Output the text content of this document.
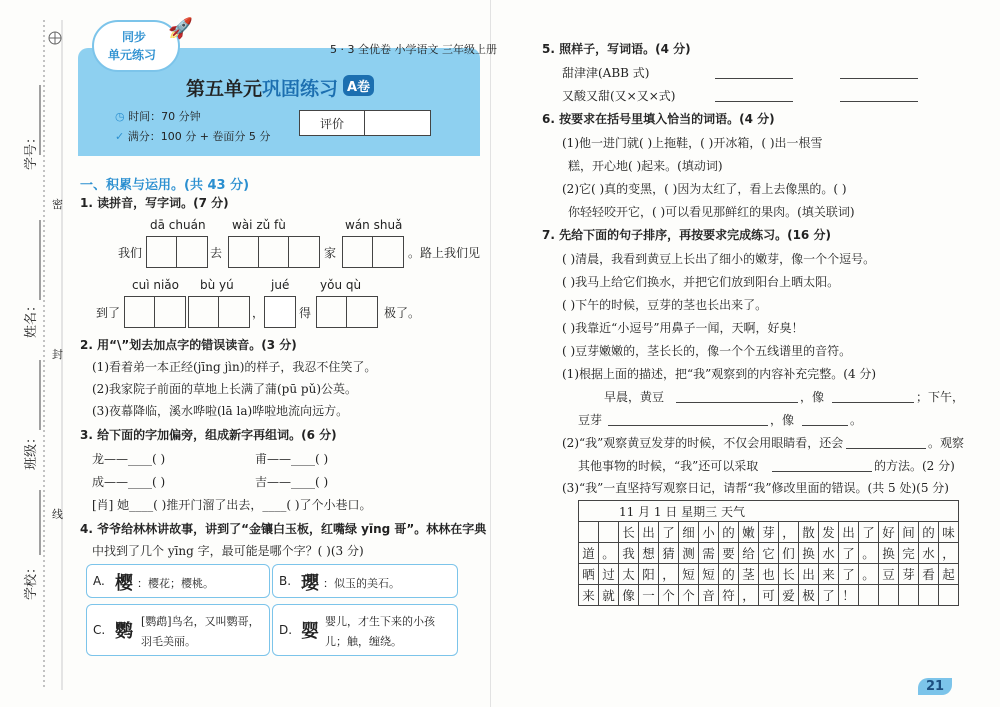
学号：
姓名：
班级：
学校：
密
封
线
同步
单元练习
🚀
5 · 3 全优卷 小学语文 三年级上册
第五单元巩固练习 A卷
◷ 时间：70 分钟
✓ 满分：100 分 + 卷面分 5 分
评价
一、积累与运用。(共 43 分)
1. 读拼音，写字词。(7 分)
dā chuán wài zǔ fù	wán shuǎ
我们	去	家	。路上我们见
cuì niǎo bù yú	jué	yǒu qù
到了	，	得	极了。
2. 用“\”划去加点字的错误读音。(3 分)
(1)看着弟一本正经(jīng jìn)的样子，我忍不住笑了。
(2)我家院子前面的草地上长满了蒲(pū pǔ)公英。
(3)夜幕降临，溪水哗啦(lā la)哗啦地流向远方。
3. 给下面的字加偏旁，组成新字再组词。(6 分)
龙——____( )	甫——____( )
成——____( )	吉——____( )
[肖] 她____( )推开门溜了出去，____( )了个小巷口。
4. 爷爷给林林讲故事，讲到了“金镶白玉板，红嘴绿 yīng 哥”。林林在字典
中找到了几个 yīng 字，最可能是哪个字？( )(3 分)
A. 樱 ：樱花；樱桃。	B. 瓔 ：似玉的美石。
C. 鹦 [鹦鹉]鸟名，又叫鹦哥，
羽毛美丽。
D. 婴 婴儿，才生下来的小孩
儿；触，缠绕。
5. 照样子，写词语。(4 分)
甜津津(ABB 式)
又酸又甜(又×又×式)
6. 按要求在括号里填入恰当的词语。(4 分)
(1)他一进门就( )上拖鞋，( )开冰箱，( )出一根雪
糕，开心地( )起来。(填动词)
(2)它( )真的变黑，( )因为太红了，看上去像黑的。( )
你轻轻咬开它，( )可以看见那鲜红的果肉。(填关联词)
7. 先给下面的句子排序，再按要求完成练习。(16 分)
( )清晨，我看到黄豆上长出了细小的嫩芽，像一个个逗号。
( )我马上给它们换水，并把它们放到阳台上晒太阳。
( )下午的时候，豆芽的茎也长出来了。
( )我靠近“小逗号”用鼻子一闻，天啊，好臭！
( )豆芽嫩嫩的，茎长长的，像一个个五线谱里的音符。
(1)根据上面的描述，把“我”观察到的内容补充完整。(4 分)
早晨，黄豆	，像	；下午，
豆芽	，像	。
(2)“我”观察黄豆发芽的时候，不仅会用眼睛看，还会	。观察
其他事物的时候，“我”还可以采取	的方法。(2 分)
(3)“我”一直坚持写观察日记，请帮“我”修改里面的错误。(共 5 处)(5 分)
11 月 1 日 星期三 天气																		
		长	出	了	细	小	的	嫩	芽	，	散	发	出	了	好	间	的	味
道	。	我	想	猜	测	需	要	给	它	们	换	水	了	。	换	完	水	，
晒	过	太	阳	，	短	短	的	茎	也	长	出	来	了	。	豆	芽	看	起
来	就	像	一	个	个	音	符	，	可	爱	极	了	！					
21
